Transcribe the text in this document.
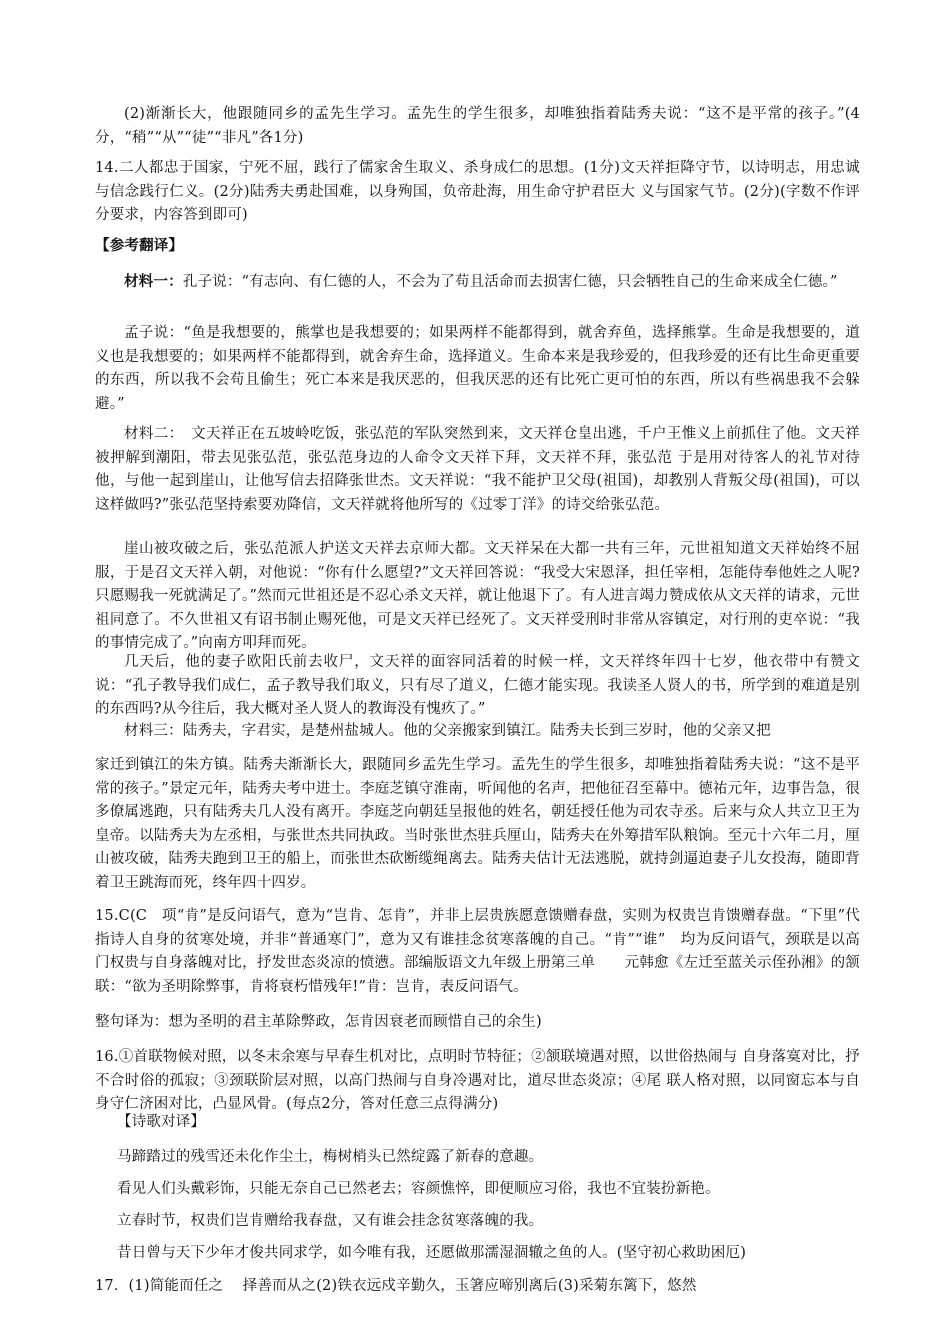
(2)渐渐长大，他跟随同乡的孟先生学习。孟先生的学生很多，却唯独指着陆秀夫说：“这不是平常的孩子。”(4分，“稍”“从”“徒”“非凡”各1分)

14.二人都忠于国家，宁死不屈，践行了儒家舍生取义、杀身成仁的思想。(1分)文天祥拒降守节，以诗明志，用忠诚与信念践行仁义。(2分)陆秀夫勇赴国难，以身殉国，负帝赴海，用生命守护君臣大 义与国家气节。(2分)(字数不作评分要求，内容答到即可)

【参考翻译】

材料一：孔子说：“有志向、有仁德的人，不会为了苟且活命而去损害仁德，只会牺牲自己的生命来成全仁德。”

孟子说：“鱼是我想要的，熊掌也是我想要的；如果两样不能都得到，就舍弃鱼，选择熊掌。生命是我想要的，道义也是我想要的；如果两样不能都得到，就舍弃生命，选择道义。生命本来是我珍爱的，但我珍爱的还有比生命更重要的东西，所以我不会苟且偷生；死亡本来是我厌恶的，但我厌恶的还有比死亡更可怕的东西，所以有些祸患我不会躲避。”

材料二：　文天祥正在五坡岭吃饭，张弘范的军队突然到来，文天祥仓皇出逃，千户王惟义上前抓住了他。文天祥被押解到潮阳，带去见张弘范，张弘范身边的人命令文天祥下拜，文天祥不拜，张弘范 于是用对待客人的礼节对待他，与他一起到崖山，让他写信去招降张世杰。文天祥说：“我不能护卫父母(祖国)，却教别人背叛父母(祖国)，可以这样做吗?”张弘范坚持索要劝降信，文天祥就将他所写的《过零丁洋》的诗交给张弘范。

崖山被攻破之后，张弘范派人护送文天祥去京师大都。文天祥呆在大都一共有三年，元世祖知道文天祥始终不屈服，于是召文天祥入朝，对他说：“你有什么愿望?”文天祥回答说：“我受大宋恩泽，担任宰相，怎能侍奉他姓之人呢?只愿赐我一死就满足了。”然而元世祖还是不忍心杀文天祥，就让他退下了。有人进言竭力赞成依从文天祥的请求，元世祖同意了。不久世祖又有诏书制止赐死他，可是文天祥已经死了。文天祥受刑时非常从容镇定，对行刑的吏卒说：“我的事情完成了。”向南方叩拜而死。

几天后，他的妻子欧阳氏前去收尸，文天祥的面容同活着的时候一样，文天祥终年四十七岁，他衣带中有赞文说：“孔子教导我们成仁，孟子教导我们取义，只有尽了道义，仁德才能实现。我读圣人贤人的书，所学到的难道是别的东西吗?从今往后，我大概对圣人贤人的教诲没有愧疚了。”

材料三：陆秀夫，字君实，是楚州盐城人。他的父亲搬家到镇江。陆秀夫长到三岁时，他的父亲又把

家迁到镇江的朱方镇。陆秀夫渐渐长大，跟随同乡孟先生学习。孟先生的学生很多，却唯独指着陆秀夫说：“这不是平常的孩子。”景定元年，陆秀夫考中进士。李庭芝镇守淮南，听闻他的名声，把他征召至幕中。德祐元年，边事告急，很多僚属逃跑，只有陆秀夫几人没有离开。李庭芝向朝廷呈报他的姓名，朝廷授任他为司农寺丞。后来与众人共立卫王为皇帝。以陆秀夫为左丞相，与张世杰共同执政。当时张世杰驻兵厘山，陆秀夫在外筹措军队粮饷。至元十六年二月，厘山被攻破，陆秀夫跑到卫王的船上，而张世杰砍断缆绳离去。陆秀夫估计无法逃脱，就持剑逼迫妻子儿女投海，随即背着卫王跳海而死，终年四十四岁。

15.C(C　项“肯”是反问语气，意为“岂肯、怎肯”，并非上层贵族愿意馈赠春盘，实则为权贵岂肯馈赠春盘。“下里”代指诗人自身的贫寒处境，并非“普通寒门”，意为又有谁挂念贫寒落魄的自己。“肯”“谁”　均为反问语气，颈联是以高门权贵与自身落魄对比，抒发世态炎凉的愤懑。部编版语文九年级上册第三单　　元韩愈《左迁至蓝关示侄孙湘》的颔联：“欲为圣明除弊事，肯将衰朽惜残年!”肯：岂肯，表反问语气。

整句译为：想为圣明的君主革除弊政，怎肯因衰老而顾惜自己的余生)

16.①首联物候对照，以冬末余寒与早春生机对比，点明时节特征；②颔联境遇对照，以世俗热闹与 自身落寞对比，抒不合时俗的孤寂；③颈联阶层对照，以高门热闹与自身冷遇对比，道尽世态炎凉；④尾 联人格对照，以同窗忘本与自身守仁济困对比，凸显风骨。(每点2分，答对任意三点得满分)

【诗歌对译】

马蹄踏过的残雪还未化作尘土，梅树梢头已然绽露了新春的意趣。

看见人们头戴彩饰，只能无奈自己已然老去；容颜憔悴，即便顺应习俗，我也不宜装扮新艳。

立春时节，权贵们岂肯赠给我春盘，又有谁会挂念贫寒落魄的我。

昔日曾与天下少年才俊共同求学，如今唯有我，还愿做那濡湿涸辙之鱼的人。(坚守初心救助困厄)

17．(1)简能而任之　 择善而从之(2)铁衣远戍辛勤久，玉箸应啼别离后(3)采菊东篱下，悠然
